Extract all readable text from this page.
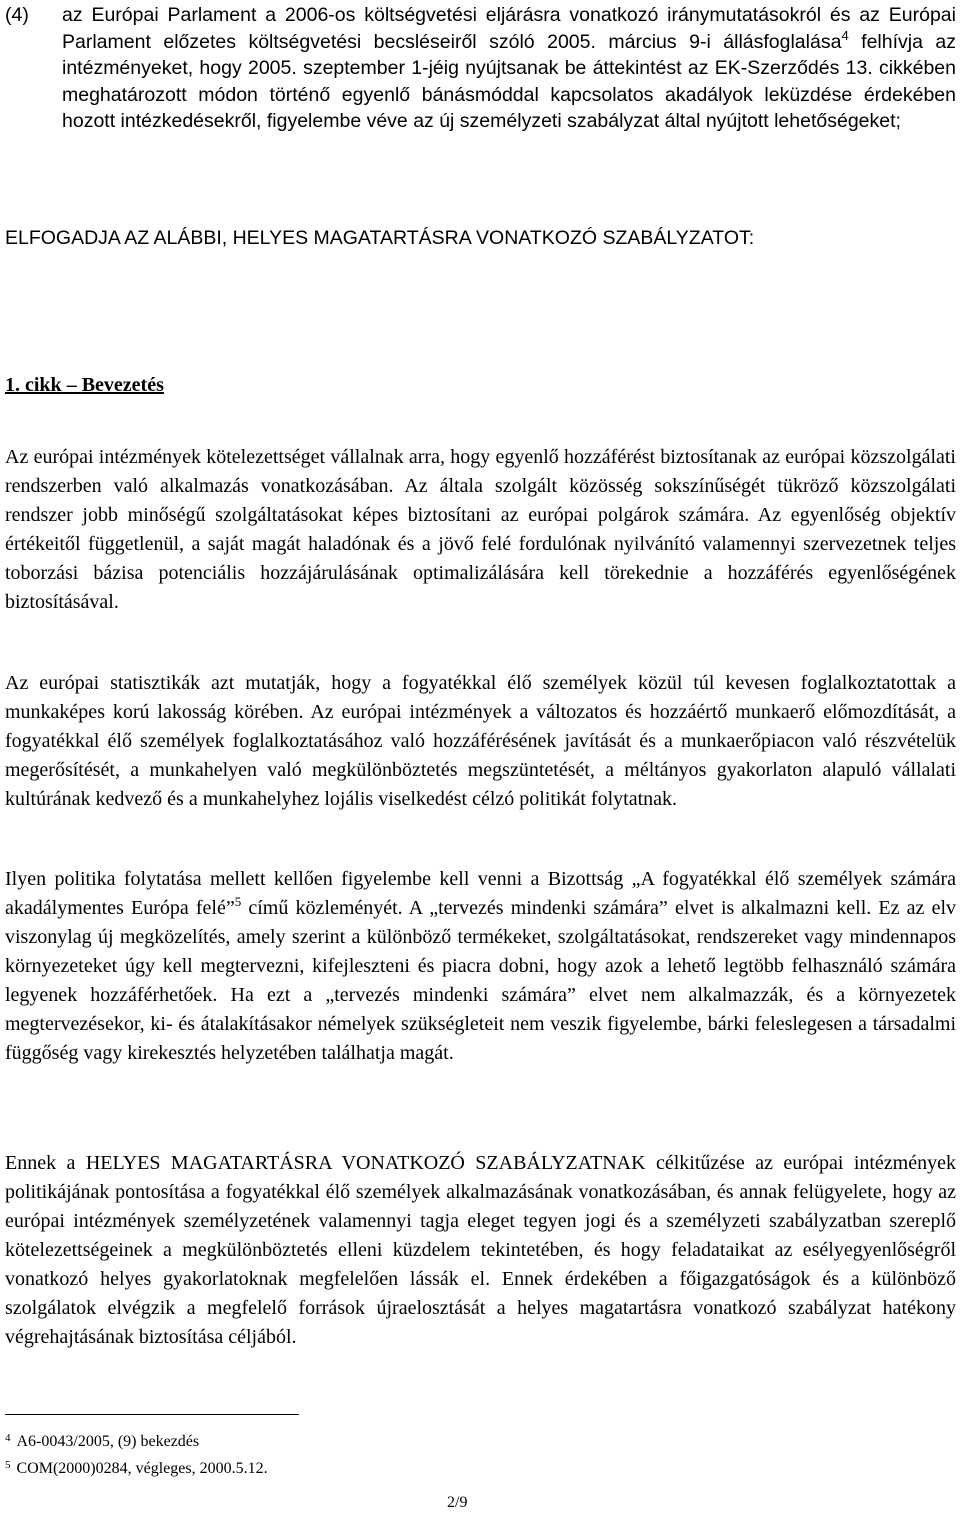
(4) az Európai Parlament a 2006-os költségvetési eljárásra vonatkozó iránymutatásokról és az Európai Parlament előzetes költségvetési becsléseiről szóló 2005. március 9-i állásfoglalása$^4$ felhívja az intézményeket, hogy 2005. szeptember 1-jéig nyújtsanak be áttekintést az EK-Szerződés 13. cikkében meghatározott módon történő egyenlő bánásmóddal kapcsolatos akadályok leküzdése érdekében hozott intézkedésekről, figyelembe véve az új személyzeti szabályzat által nyújtott lehetőségeket;
ELFOGADJA AZ ALÁBBI, HELYES MAGATARTÁSRA VONATKOZÓ SZABÁLYZATOT:
1. cikk – Bevezetés

Az európai intézmények kötelezettséget vállalnak arra, hogy egyenlő hozzáférést biztosítanak az európai közszolgálati rendszerben való alkalmazás vonatkozásában. Az általa szolgált közösség sokszínűségét tükröző közszolgálati rendszer jobb minőségű szolgáltatásokat képes biztosítani az európai polgárok számára. Az egyenlőség objektív értékeitől függetlenül, a saját magát haladónak és a jövő felé fordulónak nyilvánító valamennyi szervezetnek teljes toborzási bázisa potenciális hozzájárulásának optimalizálására kell törekednie a hozzáférés egyenlőségének biztosításával.

Az európai statisztikák azt mutatják, hogy a fogyatékkal élő személyek közül túl kevesen foglalkoztatottak a munkaképes korú lakosság körében. Az európai intézmények a változatos és hozzáértő munkaerő előmozdítását, a fogyatékkal élő személyek foglalkoztatásához való hozzáférésének javítását és a munkaerőpiacon való részvételük megerősítését, a munkahelyen való megkülönböztetés megszüntetését, a méltányos gyakorlaton alapuló vállalati kultúrának kedvező és a munkahelyhez lojális viselkedést célzó politikát folytatnak.

Ilyen politika folytatása mellett kellően figyelembe kell venni a Bizottság „A fogyatékkal élő személyek számára akadálymentes Európa felé”$^5$ című közleményét. A „tervezés mindenki számára” elvet is alkalmazni kell. Ez az elv viszonylag új megközelítés, amely szerint a különböző termékeket, szolgáltatásokat, rendszereket vagy mindennapos környezeteket úgy kell megtervezni, kifejleszteni és piacra dobni, hogy azok a lehető legtöbb felhasználó számára legyenek hozzáférhetőek. Ha ezt a „tervezés mindenki számára” elvet nem alkalmazzák, és a környezetek megtervezésekor, ki- és átalakításakor némelyek szükségleteit nem veszik figyelembe, bárki feleslegesen a társadalmi függőség vagy kirekesztés helyzetében találhatja magát.

Ennek a HELYES MAGATARTÁSRA VONATKOZÓ SZABÁLYZATNAK célkitűzése az európai intézmények politikájának pontosítása a fogyatékkal élő személyek alkalmazásának vonatkozásában, és annak felügyelete, hogy az európai intézmények személyzetének valamennyi tagja eleget tegyen jogi és a személyzeti szabályzatban szereplő kötelezettségeinek a megkülönböztetés elleni küzdelem tekintetében, és hogy feladataikat az esélyegyenlőségről vonatkozó helyes gyakorlatoknak megfelelően lássák el. Ennek érdekében a főigazgatóságok és a különböző szolgálatok elvégzik a megfelelő források újraelosztását a helyes magatartásra vonatkozó szabályzat hatékony végrehajtásának biztosítása céljából.

$^4$ A6-0043/2005, (9) bekezdés
$^5$ COM(2000)0284, végleges, 2000.5.12.
2/9
